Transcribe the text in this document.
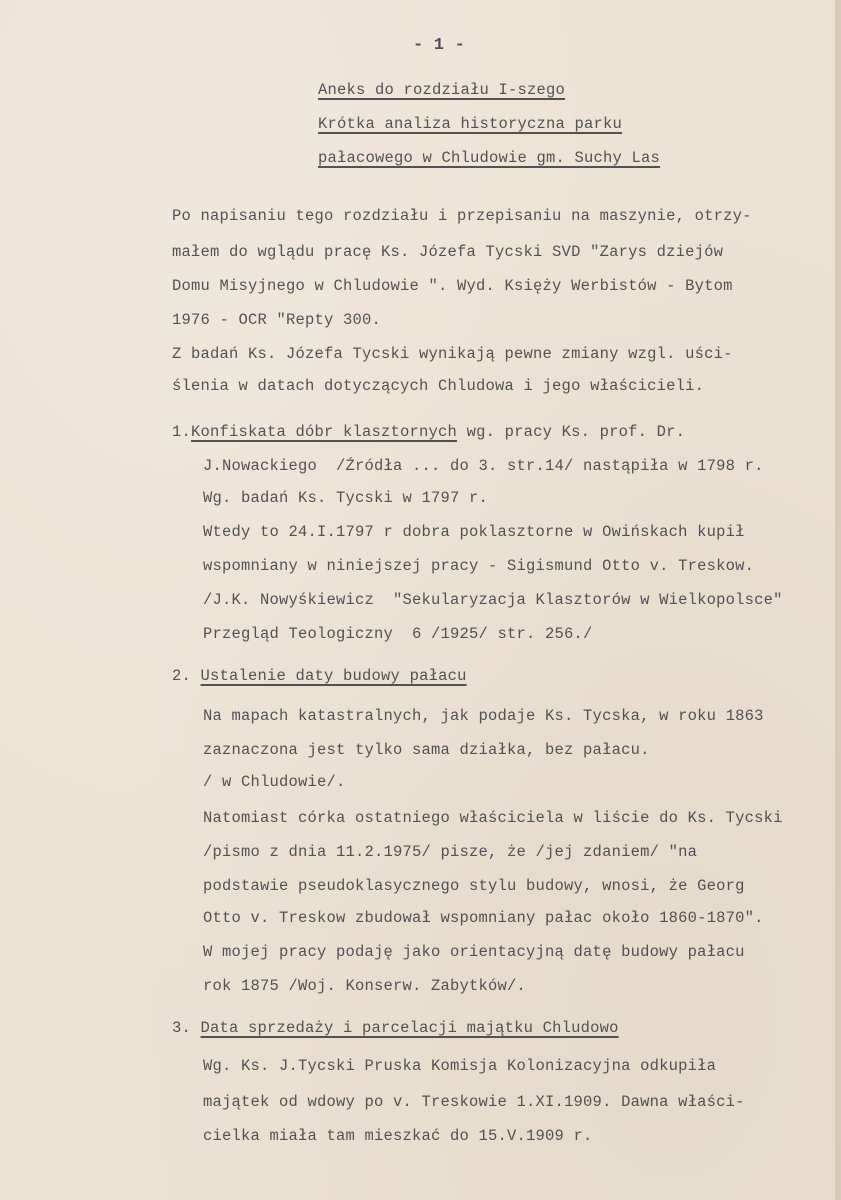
- 1 -
Aneks do rozdziału I-szego
Krótka analiza historyczna parku
pałacowego w Chludowie gm. Suchy Las
Po napisaniu tego rozdziału i przepisaniu na maszynie, otrzy-
małem do wglądu pracę Ks. Józefa Tycski SVD "Zarys dziejów
Domu Misyjnego w Chludowie ". Wyd. Księży Werbistów - Bytom
1976 - OCR "Repty 300.
Z badań Ks. Józefa Tycski wynikają pewne zmiany wzgl. uści-
ślenia w datach dotyczących Chludowa i jego właścicieli.
1.Konfiskata dóbr klasztornych wg. pracy Ks. prof. Dr.
J.Nowackiego  /Źródła ... do 3. str.14/ nastąpiła w 1798 r.
Wg. badań Ks. Tycski w 1797 r.
Wtedy to 24.I.1797 r dobra poklasztorne w Owińskach kupił
wspomniany w niniejszej pracy - Sigismund Otto v. Treskow.
/J.K. Nowyśkiewicz  "Sekularyzacja Klasztorów w Wielkopolsce"
Przegląd Teologiczny  6 /1925/ str. 256./
2. Ustalenie daty budowy pałacu
Na mapach katastralnych, jak podaje Ks. Tycska, w roku 1863
zaznaczona jest tylko sama działka, bez pałacu.
/ w Chludowie/.
Natomiast córka ostatniego właściciela w liście do Ks. Tycski
/pismo z dnia 11.2.1975/ pisze, że /jej zdaniem/ "na
podstawie pseudoklasycznego stylu budowy, wnosi, że Georg
Otto v. Treskow zbudował wspomniany pałac około 1860-1870".
W mojej pracy podaję jako orientacyjną datę budowy pałacu
rok 1875 /Woj. Konserw. Zabytków/.
3. Data sprzedaży i parcelacji majątku Chludowo
Wg. Ks. J.Tycski Pruska Komisja Kolonizacyjna odkupiła
majątek od wdowy po v. Treskowie 1.XI.1909. Dawna właści-
cielka miała tam mieszkać do 15.V.1909 r.
